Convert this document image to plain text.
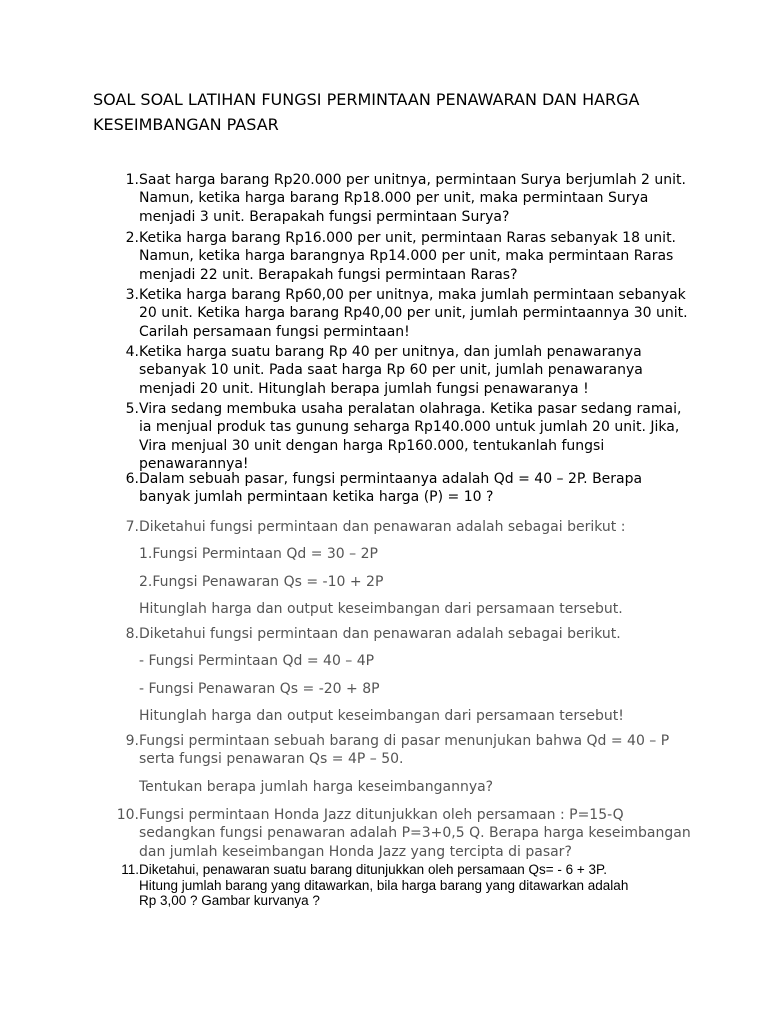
SOAL SOAL LATIHAN FUNGSI PERMINTAAN PENAWARAN DAN HARGA
KESEIMBANGAN PASAR
1. Saat harga barang Rp20.000 per unitnya, permintaan Surya berjumlah 2 unit.
Namun, ketika harga barang Rp18.000 per unit, maka permintaan Surya
menjadi 3 unit. Berapakah fungsi permintaan Surya?
2. Ketika harga barang Rp16.000 per unit, permintaan Raras sebanyak 18 unit.
Namun, ketika harga barangnya Rp14.000 per unit, maka permintaan Raras
menjadi 22 unit. Berapakah fungsi permintaan Raras?
3. Ketika harga barang Rp60,00 per unitnya, maka jumlah permintaan sebanyak
20 unit. Ketika harga barang Rp40,00 per unit, jumlah permintaannya 30 unit.
Carilah persamaan fungsi permintaan!
4. Ketika harga suatu barang Rp 40 per unitnya, dan jumlah penawaranya
sebanyak 10 unit. Pada saat harga Rp 60 per unit, jumlah penawaranya
menjadi 20 unit. Hitunglah berapa jumlah fungsi penawaranya !
5. Vira sedang membuka usaha peralatan olahraga. Ketika pasar sedang ramai,
ia menjual produk tas gunung seharga Rp140.000 untuk jumlah 20 unit. Jika,
Vira menjual 30 unit dengan harga Rp160.000, tentukanlah fungsi
penawarannya!
6. Dalam sebuah pasar, fungsi permintaanya adalah Qd = 40 – 2P. Berapa
banyak jumlah permintaan ketika harga (P) = 10 ?
7. Diketahui fungsi permintaan dan penawaran adalah sebagai berikut :
1.Fungsi Permintaan Qd = 30 – 2P
2.Fungsi Penawaran Qs = -10 + 2P
Hitunglah harga dan output keseimbangan dari persamaan tersebut.
8. Diketahui fungsi permintaan dan penawaran adalah sebagai berikut.
- Fungsi Permintaan Qd = 40 – 4P
- Fungsi Penawaran Qs = -20 + 8P
Hitunglah harga dan output keseimbangan dari persamaan tersebut!
9. Fungsi permintaan sebuah barang di pasar menunjukan bahwa Qd = 40 – P
serta fungsi penawaran Qs = 4P – 50.
Tentukan berapa jumlah harga keseimbangannya?
10. Fungsi permintaan Honda Jazz ditunjukkan oleh persamaan : P=15-Q
sedangkan fungsi penawaran adalah P=3+0,5 Q. Berapa harga keseimbangan
dan jumlah keseimbangan Honda Jazz yang tercipta di pasar?
11. Diketahui, penawaran suatu barang ditunjukkan oleh persamaan Qs= - 6 + 3P.
Hitung jumlah barang yang ditawarkan, bila harga barang yang ditawarkan adalah
Rp 3,00 ? Gambar kurvanya ?
